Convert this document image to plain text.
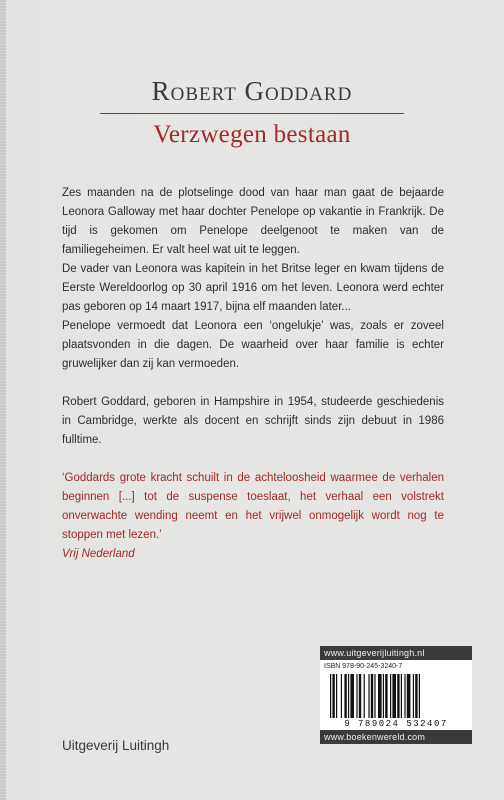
Robert Goddard
Verzwegen bestaan

Zes maanden na de plotselinge dood van haar man gaat de bejaarde Leonora Galloway met haar dochter Penelope op vakantie in Frankrijk. De tijd is gekomen om Penelope deelgenoot te maken van de familiegeheimen. Er valt heel wat uit te leggen.

De vader van Leonora was kapitein in het Britse leger en kwam tijdens de Eerste Wereldoorlog op 30 april 1916 om het leven. Leonora werd echter pas geboren op 14 maart 1917, bijna elf maanden later...

Penelope vermoedt dat Leonora een ‘ongelukje’ was, zoals er zoveel plaatsvonden in die dagen. De waarheid over haar familie is echter gruwelijker dan zij kan vermoeden.

Robert Goddard, geboren in Hampshire in 1954, studeerde geschiedenis in Cambridge, werkte als docent en schrijft sinds zijn debuut in 1986 fulltime.

‘Goddards grote kracht schuilt in de achteloosheid waarmee de verhalen beginnen [...] tot de suspense toeslaat, het verhaal een volstrekt onverwachte wending neemt en het vrijwel onmogelijk wordt nog te stoppen met lezen.’

Vrij Nederland

www.uitgeverijluitingh.nl
ISBN 978-90-245-3240-7
9 789024 532407
www.boekenwereld.com
Uitgeverij Luitingh
